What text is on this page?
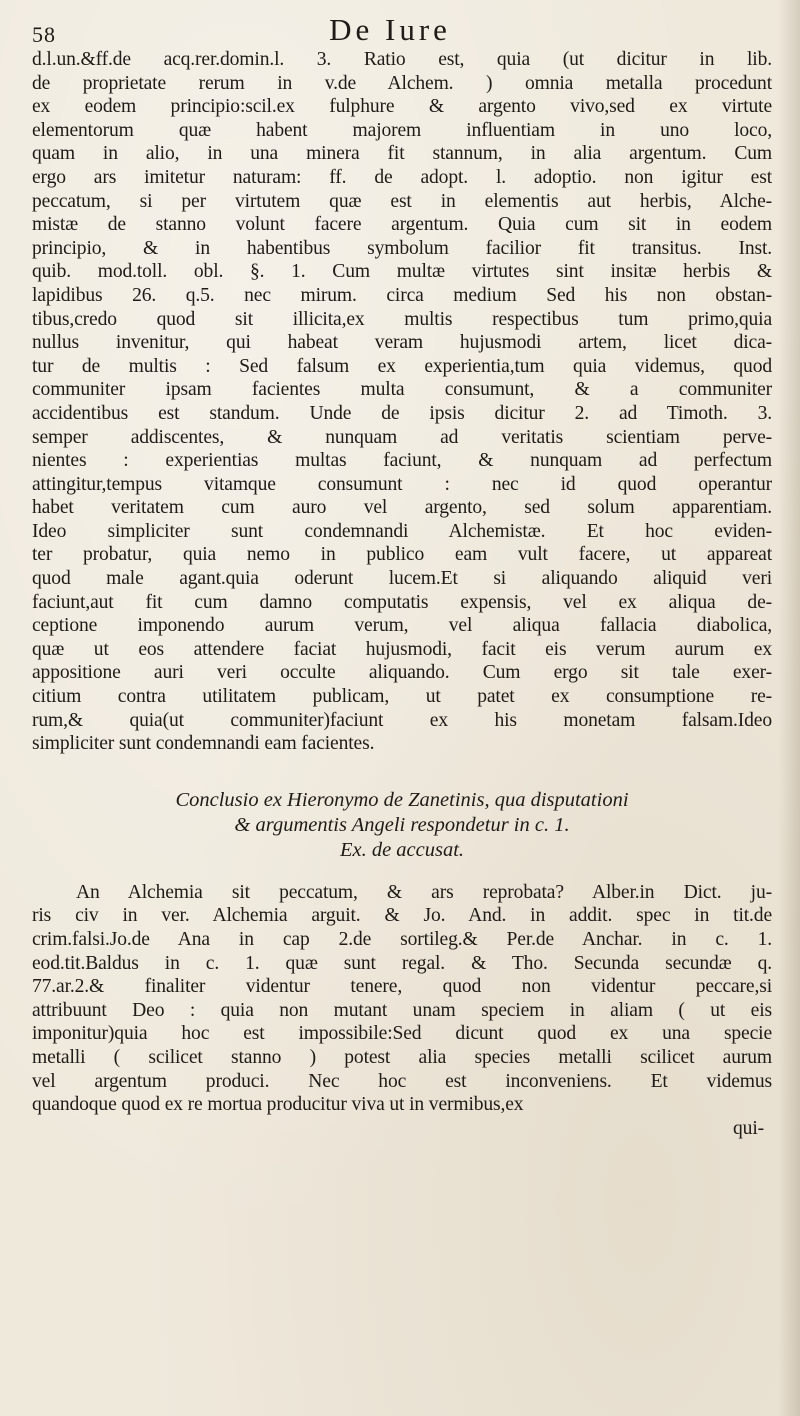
58	De Iure
d.l.un.&ff.de acq.rer.domin.l. 3. Ratio est, quia (ut dicitur in lib.
de proprietate rerum in v.de Alchem. ) omnia metalla procedunt
ex eodem principio:scil.ex fulphure & argento vivo,sed ex virtute
elementorum quæ habent majorem influentiam in uno loco,
quam in alio, in una minera fit stannum, in alia argentum. Cum
ergo ars imitetur naturam: ff. de adopt. l. adoptio. non igitur est
peccatum, si per virtutem quæ est in elementis aut herbis, Alche-
mistæ de stanno volunt facere argentum. Quia cum sit in eodem
principio, & in habentibus symbolum facilior fit transitus. Inst.
quib. mod.toll. obl. §. 1. Cum multæ virtutes sint insitæ herbis &
lapidibus 26. q.5. nec mirum. circa medium Sed his non obstan-
tibus,credo quod sit illicita,ex multis respectibus tum primo,quia
nullus invenitur, qui habeat veram hujusmodi artem, licet dica-
tur de multis : Sed falsum ex experientia,tum quia videmus, quod
communiter ipsam facientes multa consumunt, & a communiter
accidentibus est standum. Unde de ipsis dicitur 2. ad Timoth. 3.
semper addiscentes, & nunquam ad veritatis scientiam perve-
nientes : experientias multas faciunt, & nunquam ad perfectum
attingitur,tempus vitamque consumunt : nec id quod operantur
habet veritatem cum auro vel argento, sed solum apparentiam.
Ideo simpliciter sunt condemnandi Alchemistæ. Et hoc eviden-
ter probatur, quia nemo in publico eam vult facere, ut appareat
quod male agant.quia oderunt lucem.Et si aliquando aliquid veri
faciunt,aut fit cum damno computatis expensis, vel ex aliqua de-
ceptione imponendo aurum verum, vel aliqua fallacia diabolica,
quæ ut eos attendere faciat hujusmodi, facit eis verum aurum ex
appositione auri veri occulte aliquando. Cum ergo sit tale exer-
citium contra utilitatem publicam, ut patet ex consumptione re-
rum,& quia(ut communiter)faciunt ex his monetam falsam.Ideo
simpliciter sunt condemnandi eam facientes.
Conclusio ex Hieronymo de Zanetinis, qua disputationi
& argumentis Angeli respondetur in c. 1.
Ex. de accusat.
An Alchemia sit peccatum, & ars reprobata? Alber.in Dict. ju-
ris civ in ver. Alchemia arguit. & Jo. And. in addit. spec in tit.de
crim.falsi.Jo.de Ana in cap 2.de sortileg.& Per.de Anchar. in c. 1.
eod.tit.Baldus in c. 1. quæ sunt regal. & Tho. Secunda secundæ q.
77.ar.2.& finaliter videntur tenere, quod non videntur peccare,si
attribuunt Deo : quia non mutant unam speciem in aliam ( ut eis
imponitur)quia hoc est impossibile:Sed dicunt quod ex una specie
metalli ( scilicet stanno ) potest alia species metalli scilicet aurum
vel argentum produci. Nec hoc est inconveniens. Et videmus
quandoque quod ex re mortua producitur viva ut in vermibus,ex
qui-
